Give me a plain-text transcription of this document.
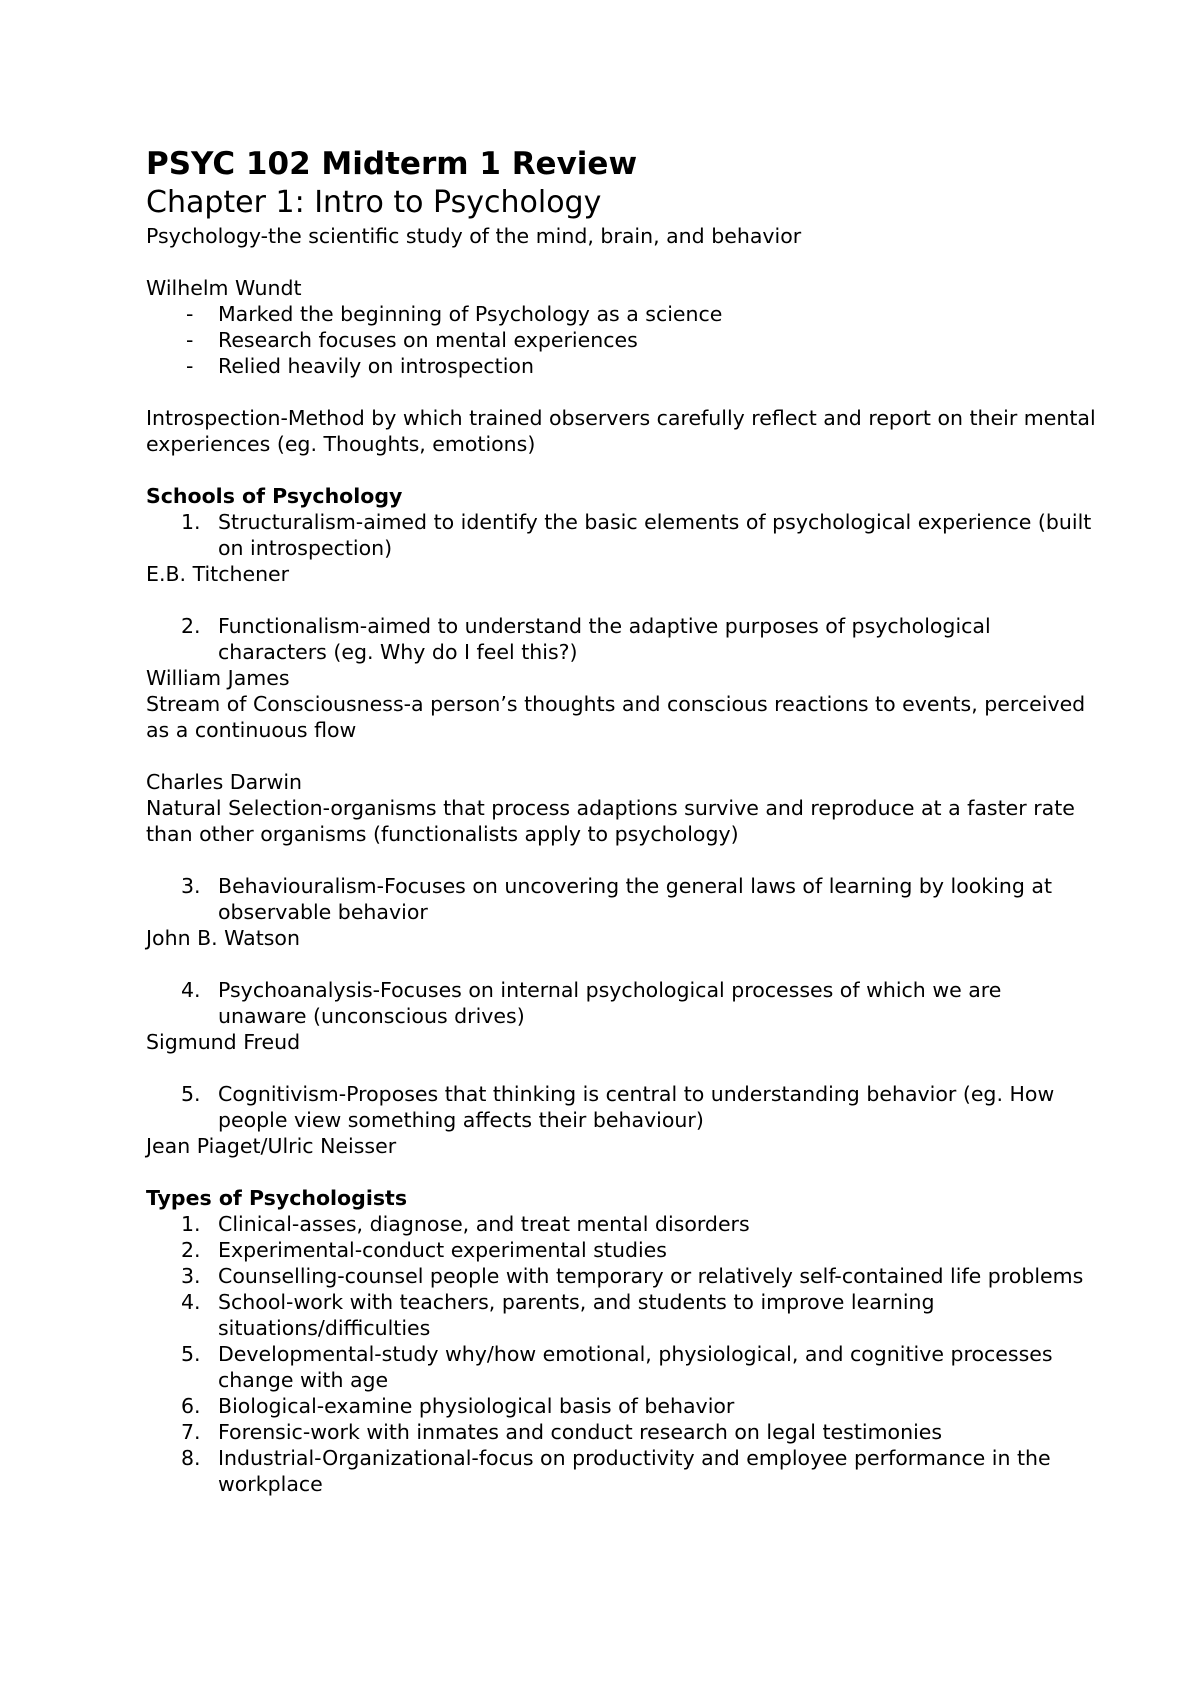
PSYC 102 Midterm 1 Review
Chapter 1: Intro to Psychology

Psychology-the scientific study of the mind, brain, and behavior

Wilhelm Wundt

- Marked the beginning of Psychology as a science
- Research focuses on mental experiences
- Relied heavily on introspection

Introspection-Method by which trained observers carefully reflect and report on their mental experiences (eg. Thoughts, emotions)

Schools of Psychology

1. Structuralism-aimed to identify the basic elements of psychological experience (built on introspection)

E.B. Titchener

2. Functionalism-aimed to understand the adaptive purposes of psychological characters (eg. Why do I feel this?)

William James

Stream of Consciousness-a person’s thoughts and conscious reactions to events, perceived as a continuous flow

Charles Darwin

Natural Selection-organisms that process adaptions survive and reproduce at a faster rate than other organisms (functionalists apply to psychology)

3. Behaviouralism-Focuses on uncovering the general laws of learning by looking at observable behavior

John B. Watson

4. Psychoanalysis-Focuses on internal psychological processes of which we are unaware (unconscious drives)

Sigmund Freud

5. Cognitivism-Proposes that thinking is central to understanding behavior (eg. How people view something affects their behaviour)

Jean Piaget/Ulric Neisser

Types of Psychologists

1. Clinical-asses, diagnose, and treat mental disorders
2. Experimental-conduct experimental studies
3. Counselling-counsel people with temporary or relatively self-contained life problems
4. School-work with teachers, parents, and students to improve learning situations/difficulties
5. Developmental-study why/how emotional, physiological, and cognitive processes change with age
6. Biological-examine physiological basis of behavior
7. Forensic-work with inmates and conduct research on legal testimonies
8. Industrial-Organizational-focus on productivity and employee performance in the workplace
